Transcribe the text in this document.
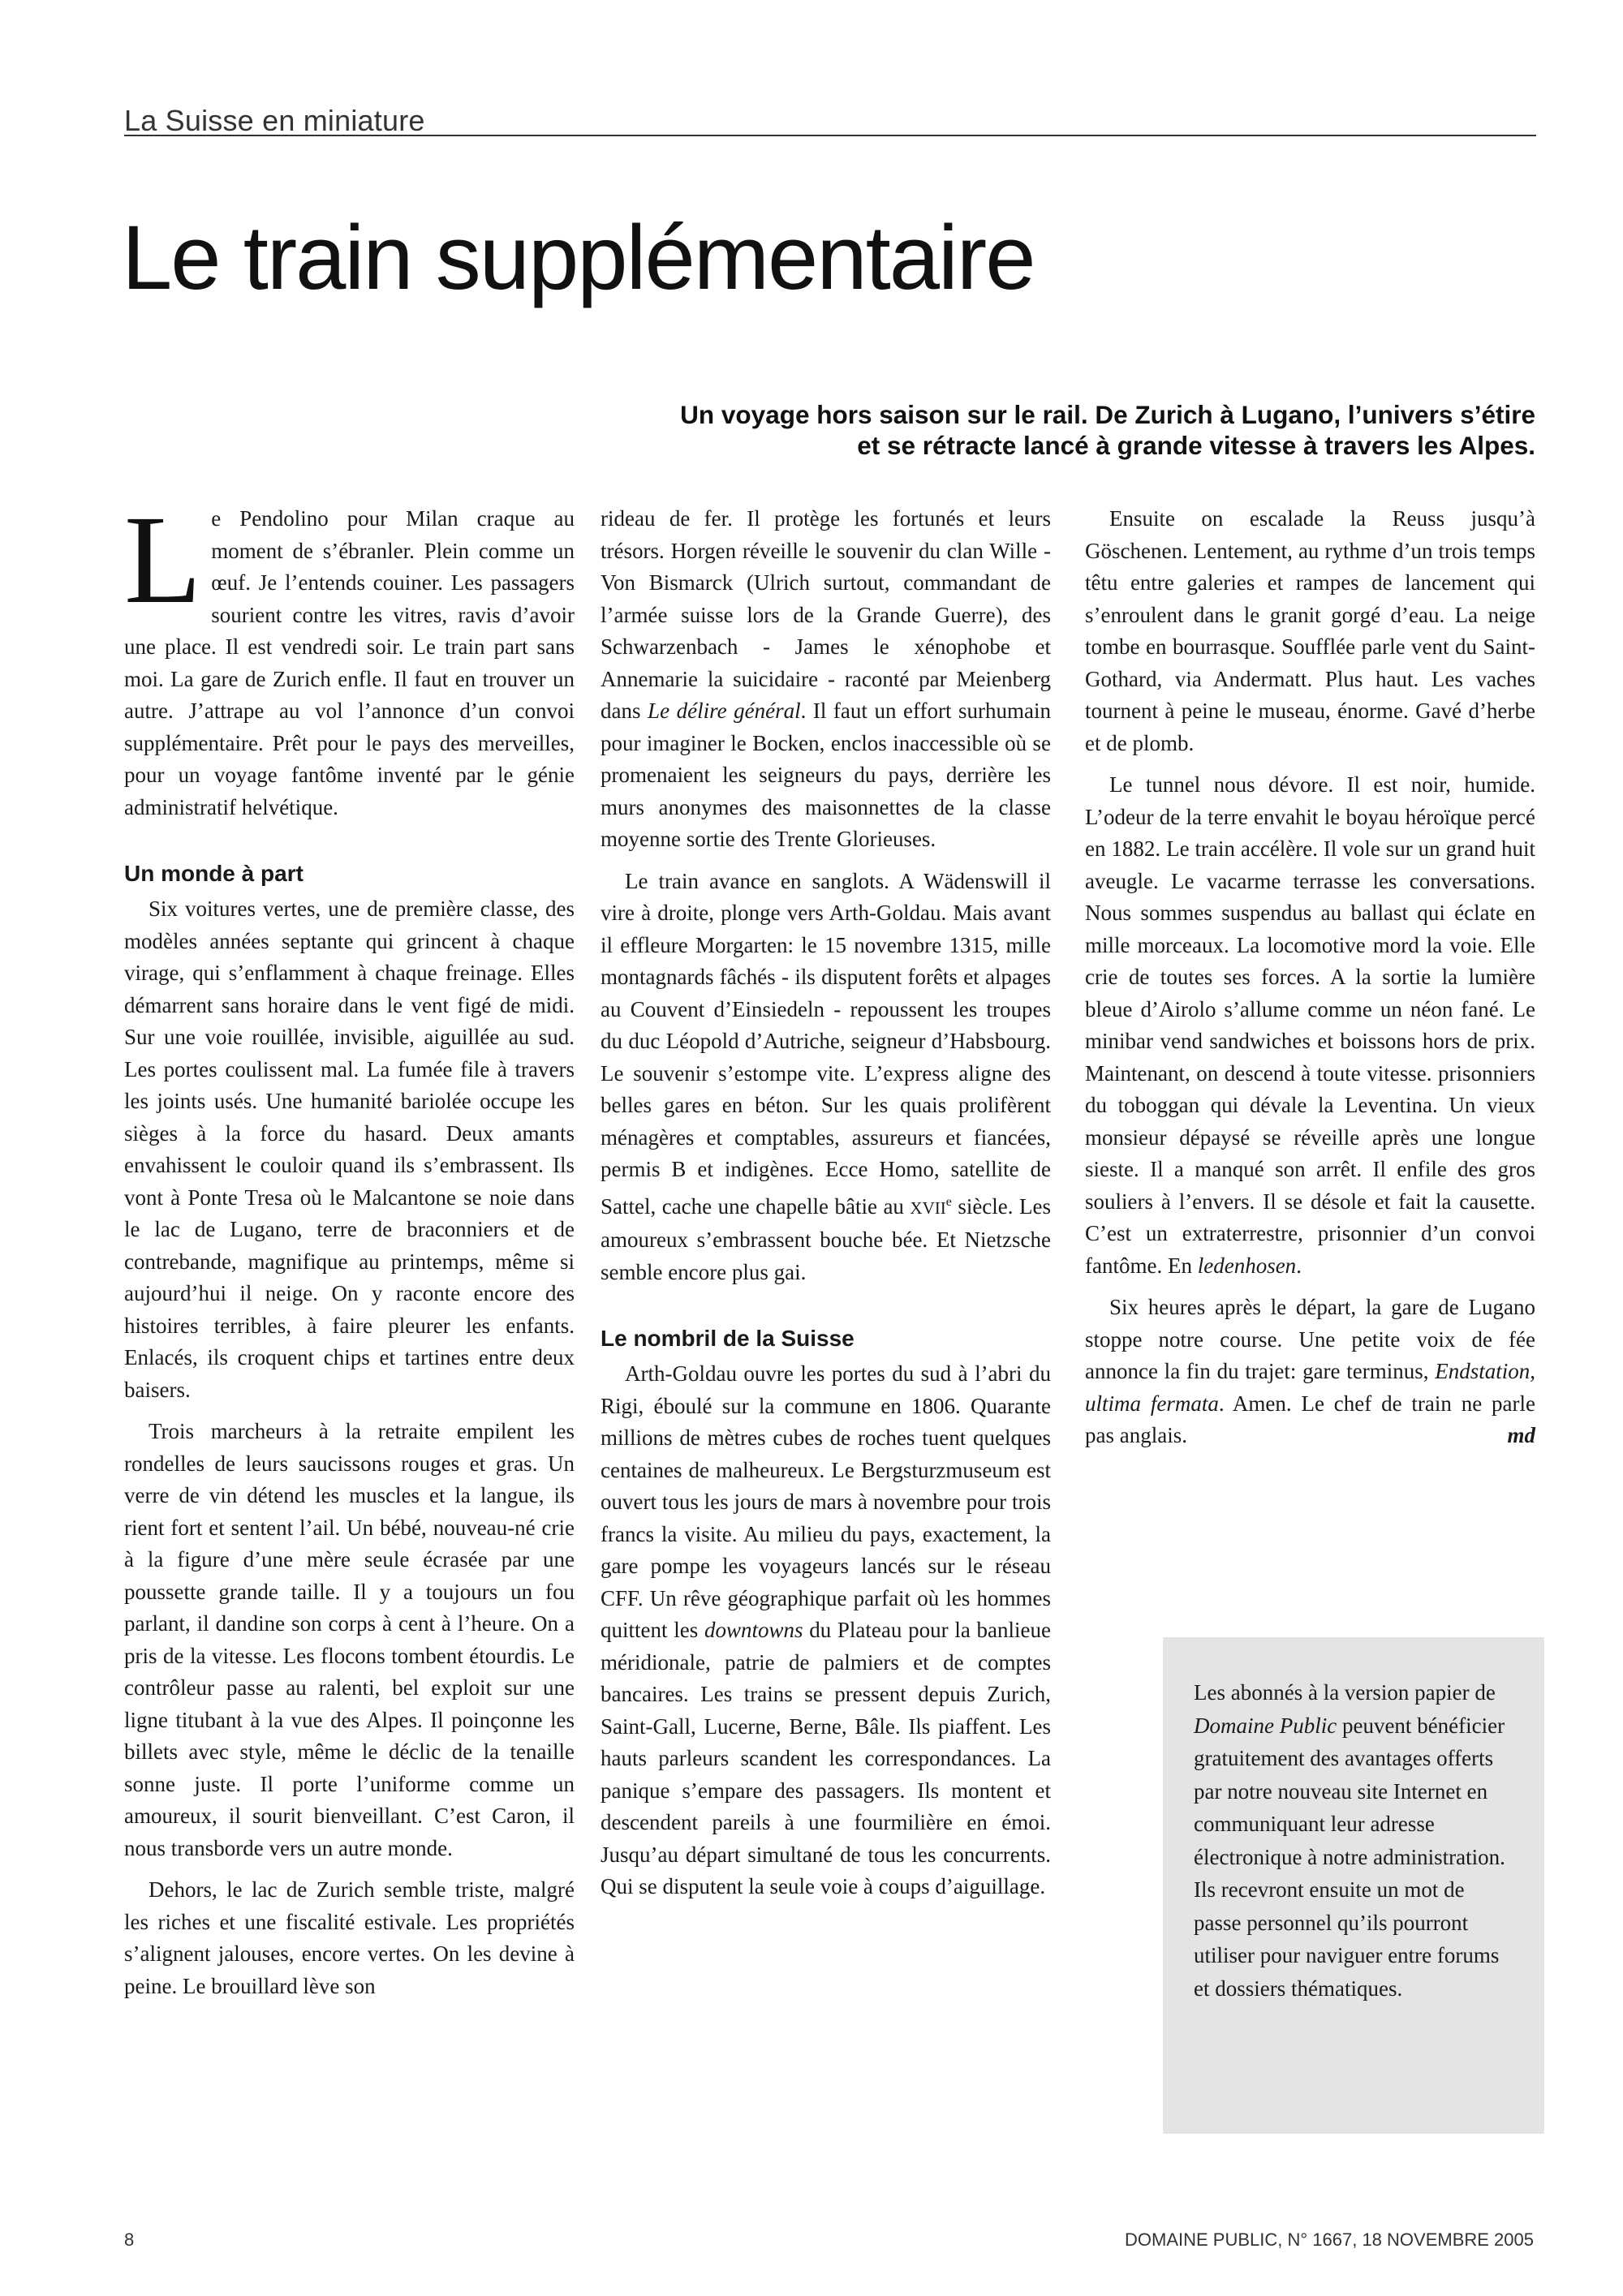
La Suisse en miniature
Le train supplémentaire

Un voyage hors saison sur le rail. De Zurich à Lugano, l’univers s’étire
et se rétracte lancé à grande vitesse à travers les Alpes.

Le Pendolino pour Milan craque au moment de s’ébranler. Plein comme un œuf. Je l’entends couiner. Les passagers sourient contre les vitres, ravis d’avoir une place. Il est vendredi soir. Le train part sans moi. La gare de Zurich enfle. Il faut en trouver un autre. J’attrape au vol l’annonce d’un convoi supplémentaire. Prêt pour le pays des merveilles, pour un voyage fantôme inventé par le génie administratif helvétique.

Un monde à part

Six voitures vertes, une de première classe, des modèles années septante qui grincent à chaque virage, qui s’enflamment à chaque freinage. Elles démarrent sans horaire dans le vent figé de midi. Sur une voie rouillée, invisible, aiguillée au sud. Les portes coulissent mal. La fumée file à travers les joints usés. Une humanité bariolée occupe les sièges à la force du hasard. Deux amants envahissent le couloir quand ils s’embrassent. Ils vont à Ponte Tresa où le Malcantone se noie dans le lac de Lugano, terre de braconniers et de contrebande, magnifique au printemps, même si aujourd’hui il neige. On y raconte encore des histoires terribles, à faire pleurer les enfants. Enlacés, ils croquent chips et tartines entre deux baisers.

Trois marcheurs à la retraite empilent les rondelles de leurs saucissons rouges et gras. Un verre de vin détend les muscles et la langue, ils rient fort et sentent l’ail. Un bébé, nouveau-né crie à la figure d’une mère seule écrasée par une poussette grande taille. Il y a toujours un fou parlant, il dandine son corps à cent à l’heure. On a pris de la vitesse. Les flocons tombent étourdis. Le contrôleur passe au ralenti, bel exploit sur une ligne titubant à la vue des Alpes. Il poinçonne les billets avec style, même le déclic de la tenaille sonne juste. Il porte l’uniforme comme un amoureux, il sourit bienveillant. C’est Caron, il nous transborde vers un autre monde.

Dehors, le lac de Zurich semble triste, malgré les riches et une fiscalité estivale. Les propriétés s’alignent jalouses, encore vertes. On les devine à peine. Le brouillard lève son

rideau de fer. Il protège les fortunés et leurs trésors. Horgen réveille le souvenir du clan Wille - Von Bismarck (Ulrich surtout, commandant de l’armée suisse lors de la Grande Guerre), des Schwarzenbach - James le xénophobe et Annemarie la suicidaire - raconté par Meienberg dans Le délire général. Il faut un effort surhumain pour imaginer le Bocken, enclos inaccessible où se promenaient les seigneurs du pays, derrière les murs anonymes des maisonnettes de la classe moyenne sortie des Trente Glorieuses.

Le train avance en sanglots. A Wädenswill il vire à droite, plonge vers Arth-Goldau. Mais avant il effleure Morgarten: le 15 novembre 1315, mille montagnards fâchés - ils disputent forêts et alpages au Couvent d’Einsiedeln - repoussent les troupes du duc Léopold d’Autriche, seigneur d’Habsbourg. Le souvenir s’estompe vite. L’express aligne des belles gares en béton. Sur les quais prolifèrent ménagères et comptables, assureurs et fiancées, permis B et indigènes. Ecce Homo, satellite de Sattel, cache une chapelle bâtie au XVIIe siècle. Les amoureux s’embrassent bouche bée. Et Nietzsche semble encore plus gai.

Le nombril de la Suisse

Arth-Goldau ouvre les portes du sud à l’abri du Rigi, éboulé sur la commune en 1806. Quarante millions de mètres cubes de roches tuent quelques centaines de malheureux. Le Bergsturzmuseum est ouvert tous les jours de mars à novembre pour trois francs la visite. Au milieu du pays, exactement, la gare pompe les voyageurs lancés sur le réseau CFF. Un rêve géographique parfait où les hommes quittent les downtowns du Plateau pour la banlieue méridionale, patrie de palmiers et de comptes bancaires. Les trains se pressent depuis Zurich, Saint-Gall, Lucerne, Berne, Bâle. Ils piaffent. Les hauts parleurs scandent les correspondances. La panique s’empare des passagers. Ils montent et descendent pareils à une fourmilière en émoi. Jusqu’au départ simultané de tous les concurrents. Qui se disputent la seule voie à coups d’aiguillage.

Ensuite on escalade la Reuss jusqu’à Göschenen. Lentement, au rythme d’un trois temps têtu entre galeries et rampes de lancement qui s’enroulent dans le granit gorgé d’eau. La neige tombe en bourrasque. Soufflée parle vent du Saint-Gothard, via Andermatt. Plus haut. Les vaches tournent à peine le museau, énorme. Gavé d’herbe et de plomb.

Le tunnel nous dévore. Il est noir, humide. L’odeur de la terre envahit le boyau héroïque percé en 1882. Le train accélère. Il vole sur un grand huit aveugle. Le vacarme terrasse les conversations. Nous sommes suspendus au ballast qui éclate en mille morceaux. La locomotive mord la voie. Elle crie de toutes ses forces. A la sortie la lumière bleue d’Airolo s’allume comme un néon fané. Le minibar vend sandwiches et boissons hors de prix. Maintenant, on descend à toute vitesse. prisonniers du toboggan qui dévale la Leventina. Un vieux monsieur dépaysé se réveille après une longue sieste. Il a manqué son arrêt. Il enfile des gros souliers à l’envers. Il se désole et fait la causette. C’est un extraterrestre, prisonnier d’un convoi fantôme. En ledenhosen.

Six heures après le départ, la gare de Lugano stoppe notre course. Une petite voix de fée annonce la fin du trajet: gare terminus, Endstation, ultima fermata. Amen. Le chef de train ne parle pas anglais.	md

Les abonnés à la version papier de Domaine Public peuvent bénéficier gratuitement des avantages offerts par notre nouveau site Internet en communiquant leur adresse électronique à notre administration.

Ils recevront ensuite un mot de passe personnel qu’ils pourront utiliser pour naviguer entre forums et dossiers thématiques.

8	DOMAINE PUBLIC, N° 1667, 18 NOVEMBRE 2005
